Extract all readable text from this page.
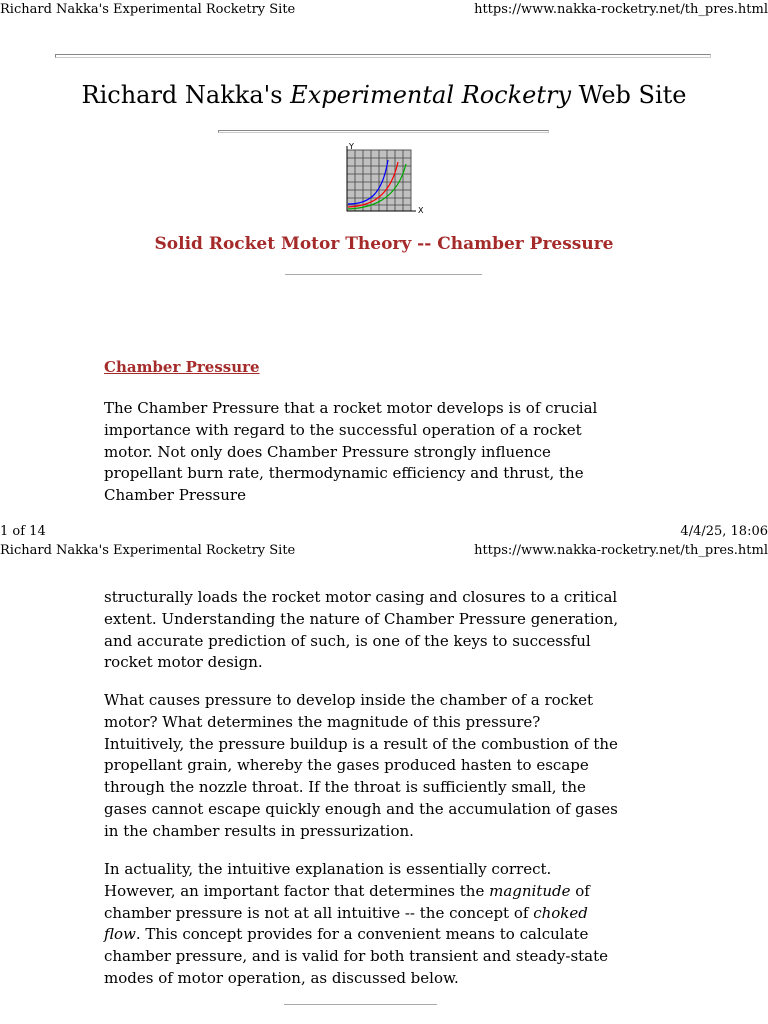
Richard Nakka's Experimental Rocketry Site	https://www.nakka-rocketry.net/th_pres.html
Richard Nakka's Experimental Rocketry Web Site
Y
X
Solid Rocket Motor Theory -- Chamber Pressure
Chamber Pressure
The Chamber Pressure that a rocket motor develops is of crucial importance with regard to the successful operation of a rocket motor. Not only does Chamber Pressure strongly influence propellant burn rate, thermodynamic efficiency and thrust, the Chamber Pressure
1 of 14	4/4/25, 18:06
Richard Nakka's Experimental Rocketry Site	https://www.nakka-rocketry.net/th_pres.html
structurally loads the rocket motor casing and closures to a critical extent. Understanding the nature of Chamber Pressure generation, and accurate prediction of such, is one of the keys to successful rocket motor design.
What causes pressure to develop inside the chamber of a rocket motor? What determines the magnitude of this pressure? Intuitively, the pressure buildup is a result of the combustion of the propellant grain, whereby the gases produced hasten to escape through the nozzle throat. If the throat is sufficiently small, the gases cannot escape quickly enough and the accumulation of gases in the chamber results in pressurization.
In actuality, the intuitive explanation is essentially correct. However, an important factor that determines the magnitude of chamber pressure is not at all intuitive -- the concept of choked flow. This concept provides for a convenient means to calculate chamber pressure, and is valid for both transient and steady-state modes of motor operation, as discussed below.
